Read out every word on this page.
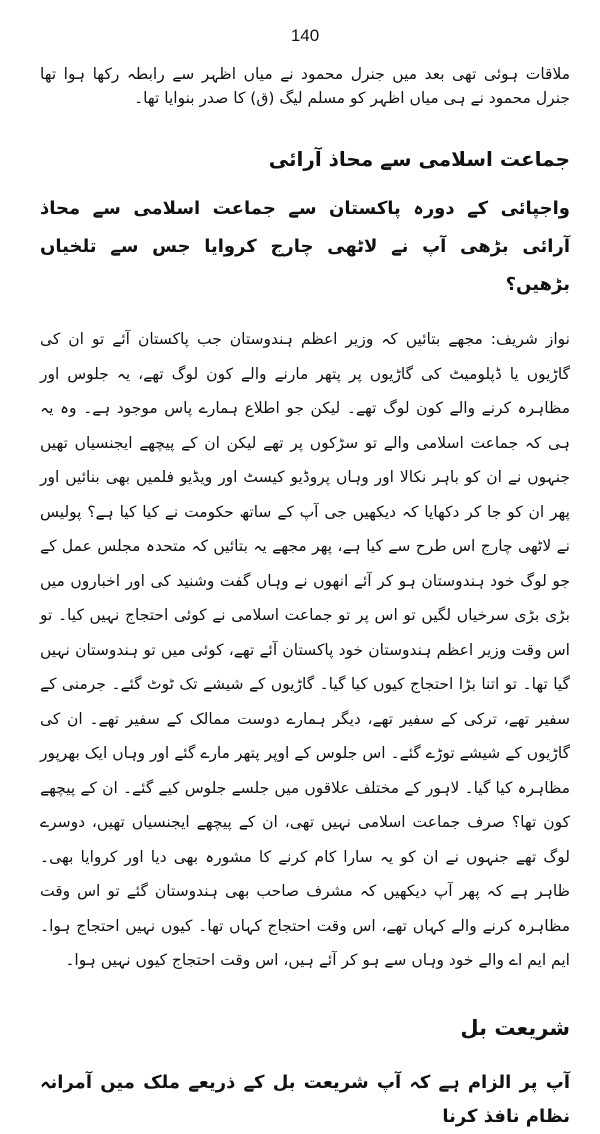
140

ملاقات ہوئی تھی بعد میں جنرل محمود نے میاں اظہر سے رابطہ رکھا ہوا تھا جنرل محمود نے ہی میاں اظہر کو مسلم لیگ (ق) کا صدر بنوایا تھا۔

جماعت اسلامی سے محاذ آرائی

واجپائی کے دورہ پاکستان سے جماعت اسلامی سے محاذ آرائی بڑھی آپ نے لاٹھی چارج کروایا جس سے تلخیاں بڑھیں؟

نواز شریف: مجھے بتائیں کہ وزیر اعظم ہندوستان جب پاکستان آئے تو ان کی گاڑیوں یا ڈپلومیٹ کی گاڑیوں پر پتھر مارنے والے کون لوگ تھے، یہ جلوس اور مظاہرہ کرنے والے کون لوگ تھے۔ لیکن جو اطلاع ہمارے پاس موجود ہے۔ وہ یہ ہی کہ جماعت اسلامی والے تو سڑکوں پر تھے لیکن ان کے پیچھے ایجنسیاں تھیں جنہوں نے ان کو باہر نکالا اور وہاں پروڈیو کیسٹ اور ویڈیو فلمیں بھی بنائیں اور پھر ان کو جا کر دکھایا کہ دیکھیں جی آپ کے ساتھ حکومت نے کیا کیا ہے؟ پولیس نے لاٹھی چارج اس طرح سے کیا ہے، پھر مجھے یہ بتائیں کہ متحدہ مجلس عمل کے جو لوگ خود ہندوستان ہو کر آئے انھوں نے وہاں گفت وشنید کی اور اخباروں میں بڑی بڑی سرخیاں لگیں تو اس پر تو جماعت اسلامی نے کوئی احتجاج نہیں کیا۔ تو اس وقت وزیر اعظم ہندوستان خود پاکستان آئے تھے، کوئی میں تو ہندوستان نہیں گیا تھا۔ تو اتنا بڑا احتجاج کیوں کیا گیا۔ گاڑیوں کے شیشے تک ٹوٹ گئے۔ جرمنی کے سفیر تھے، ترکی کے سفیر تھے، دیگر ہمارے دوست ممالک کے سفیر تھے۔ ان کی گاڑیوں کے شیشے توڑے گئے۔ اس جلوس کے اوپر پتھر مارے گئے اور وہاں ایک بھرپور مظاہرہ کیا گیا۔ لاہور کے مختلف علاقوں میں جلسے جلوس کیے گئے۔ ان کے پیچھے کون تھا؟ صرف جماعت اسلامی نہیں تھی، ان کے پیچھے ایجنسیاں تھیں، دوسرے لوگ تھے جنہوں نے ان کو یہ سارا کام کرنے کا مشورہ بھی دیا اور کروایا بھی۔ ظاہر ہے کہ پھر آپ دیکھیں کہ مشرف صاحب بھی ہندوستان گئے تو اس وقت مظاہرہ کرنے والے کہاں تھے، اس وقت احتجاج کہاں تھا۔ کیوں نہیں احتجاج ہوا۔ ایم ایم اے والے خود وہاں سے ہو کر آئے ہیں، اس وقت احتجاج کیوں نہیں ہوا۔

شریعت بل

آپ پر الزام ہے کہ آپ شریعت بل کے ذریعے ملک میں آمرانہ نظام نافذ کرنا
